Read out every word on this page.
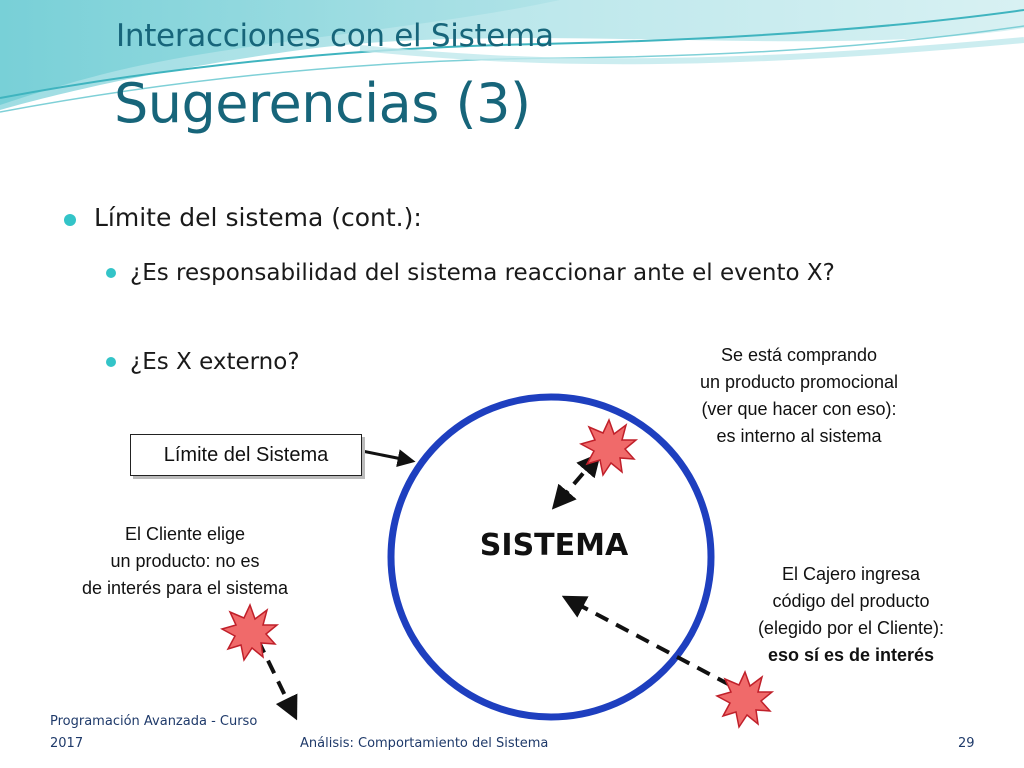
Interacciones con el Sistema
Sugerencias (3)
Límite del sistema (cont.):
¿Es responsabilidad del sistema reaccionar ante el evento X?
¿Es X externo?
Límite del Sistema
SISTEMA
Se está comprando
un producto promocional
(ver que hacer con eso):
es interno al sistema
El Cliente elige
un producto: no es
de interés para el sistema
El Cajero ingresa
código del producto
(elegido por el Cliente):
eso sí es de interés
Programación Avanzada - Curso
2017	Análisis: Comportamiento del Sistema	29
